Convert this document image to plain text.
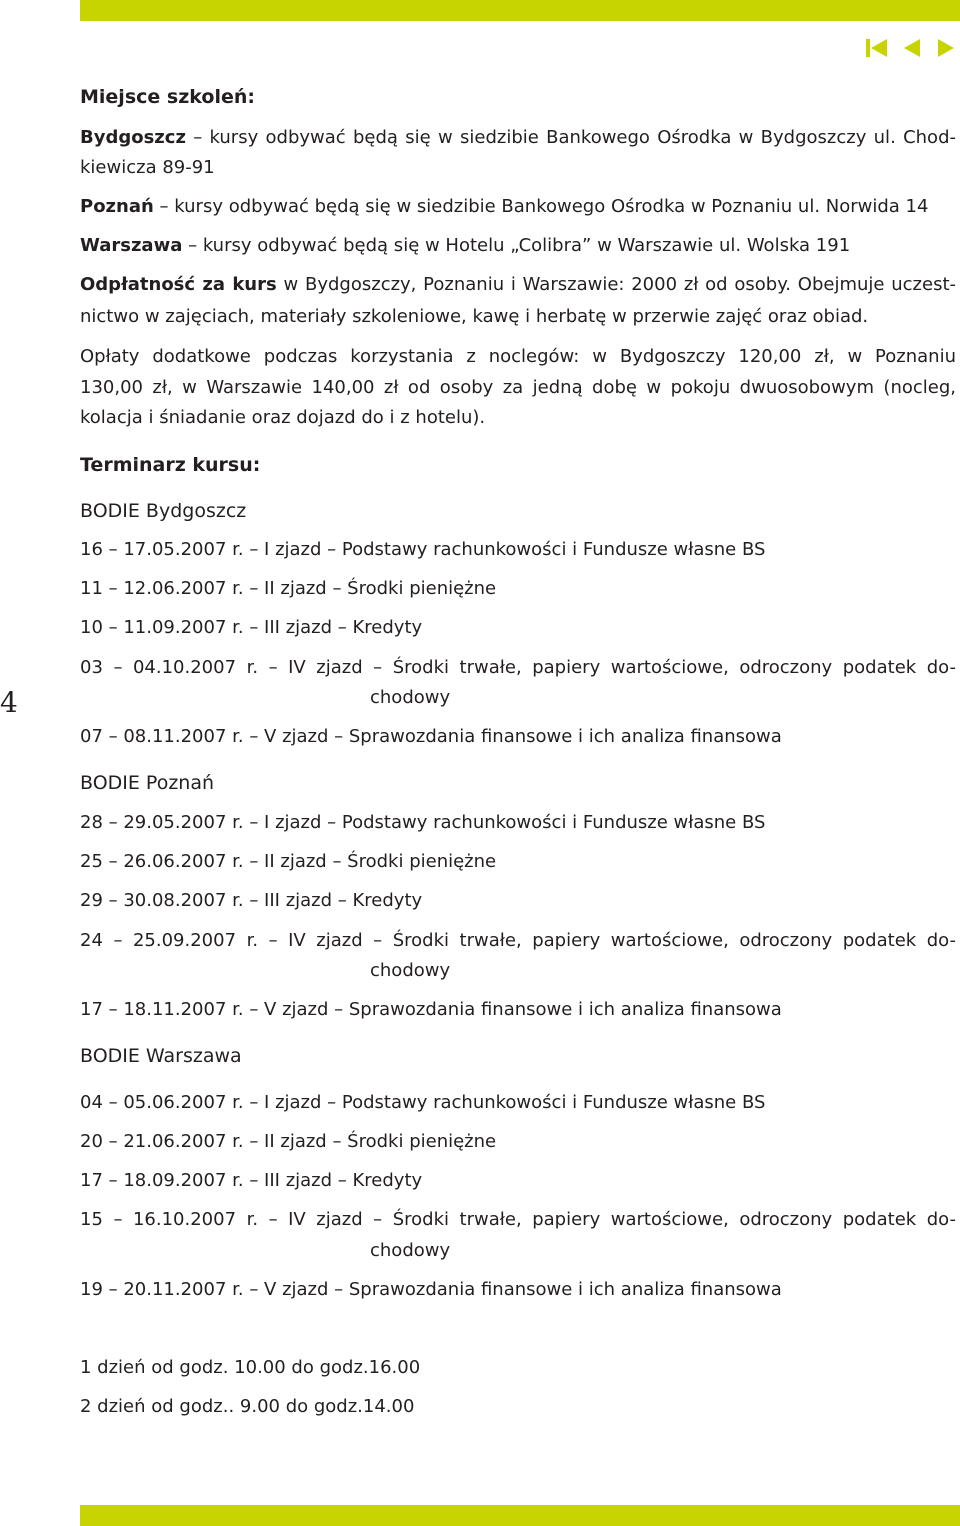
4
Miejsce szkoleń:
Bydgoszcz – kursy odbywać będą się w siedzibie Bankowego Ośrodka w Bydgoszczy ul. Chod-
kiewicza 89-91
Poznań – kursy odbywać będą się w siedzibie Bankowego Ośrodka w Poznaniu ul. Norwida 14
Warszawa – kursy odbywać będą się w Hotelu „Colibra” w Warszawie ul. Wolska 191
Odpłatność za kurs w Bydgoszczy, Poznaniu i Warszawie: 2000 zł od osoby. Obejmuje uczest-
nictwo w zajęciach, materiały szkoleniowe, kawę i herbatę w przerwie zajęć oraz obiad.
Opłaty dodatkowe podczas korzystania z noclegów: w Bydgoszczy 120,00 zł, w Poznaniu
130,00 zł, w Warszawie 140,00 zł od osoby za jedną dobę w pokoju dwuosobowym (nocleg,
kolacja i śniadanie oraz dojazd do i z hotelu).
Terminarz kursu:
BODIE Bydgoszcz
16 – 17.05.2007 r. – I zjazd – Podstawy rachunkowości i Fundusze własne BS
11 – 12.06.2007 r. – II zjazd – Środki pieniężne
10 – 11.09.2007 r. – III zjazd – Kredyty
03 – 04.10.2007 r. – IV zjazd – Środki trwałe, papiery wartościowe, odroczony podatek do-
chodowy
07 – 08.11.2007 r. – V zjazd – Sprawozdania finansowe i ich analiza finansowa
BODIE Poznań
28 – 29.05.2007 r. – I zjazd – Podstawy rachunkowości i Fundusze własne BS
25 – 26.06.2007 r. – II zjazd – Środki pieniężne
29 – 30.08.2007 r. – III zjazd – Kredyty
24 – 25.09.2007 r. – IV zjazd – Środki trwałe, papiery wartościowe, odroczony podatek do-
chodowy
17 – 18.11.2007 r. – V zjazd – Sprawozdania finansowe i ich analiza finansowa
BODIE Warszawa
04 – 05.06.2007 r. – I zjazd – Podstawy rachunkowości i Fundusze własne BS
20 – 21.06.2007 r. – II zjazd – Środki pieniężne
17 – 18.09.2007 r. – III zjazd – Kredyty
15 – 16.10.2007 r. – IV zjazd – Środki trwałe, papiery wartościowe, odroczony podatek do-
chodowy
19 – 20.11.2007 r. – V zjazd – Sprawozdania finansowe i ich analiza finansowa
1 dzień od godz. 10.00 do godz.16.00
2 dzień od godz.. 9.00 do godz.14.00
